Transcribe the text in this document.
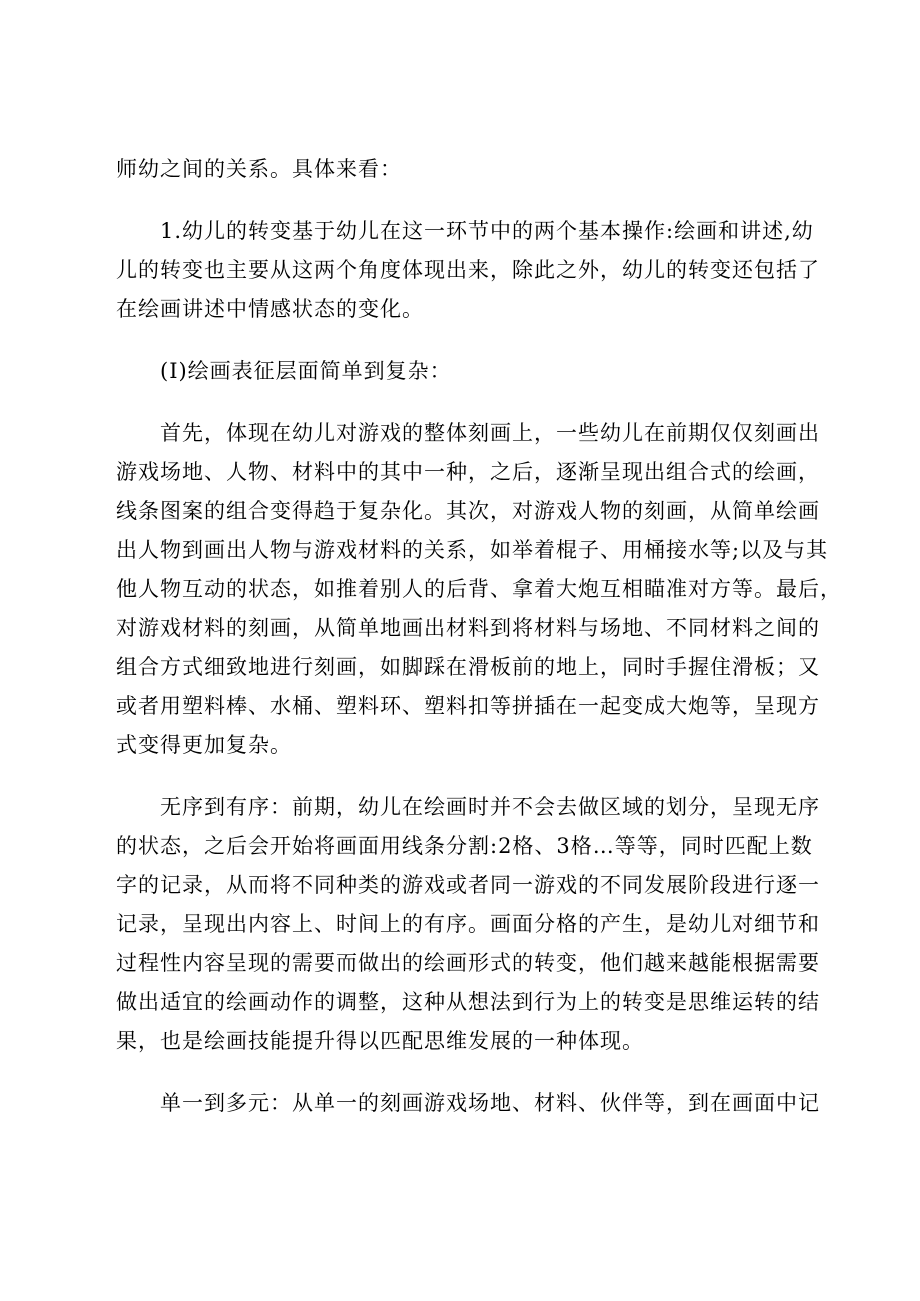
师幼之间的关系。具体来看：

　　1.幼儿的转变基于幼儿在这一环节中的两个基本操作:绘画和讲述,幼
儿的转变也主要从这两个角度体现出来，除此之外，幼儿的转变还包括了
在绘画讲述中情感状态的变化。

　　(I)绘画表征层面简单到复杂：

　　首先，体现在幼儿对游戏的整体刻画上，一些幼儿在前期仅仅刻画出
游戏场地、人物、材料中的其中一种，之后，逐渐呈现出组合式的绘画，
线条图案的组合变得趋于复杂化。其次，对游戏人物的刻画，从简单绘画
出人物到画出人物与游戏材料的关系，如举着棍子、用桶接水等;以及与其
他人物互动的状态，如推着别人的后背、拿着大炮互相瞄准对方等。最后，
对游戏材料的刻画，从简单地画出材料到将材料与场地、不同材料之间的
组合方式细致地进行刻画，如脚踩在滑板前的地上，同时手握住滑板；又
或者用塑料棒、水桶、塑料环、塑料扣等拼插在一起变成大炮等，呈现方
式变得更加复杂。

　　无序到有序：前期，幼儿在绘画时并不会去做区域的划分，呈现无序
的状态，之后会开始将画面用线条分割:2格、3格…等等，同时匹配上数
字的记录，从而将不同种类的游戏或者同一游戏的不同发展阶段进行逐一
记录，呈现出内容上、时间上的有序。画面分格的产生，是幼儿对细节和
过程性内容呈现的需要而做出的绘画形式的转变，他们越来越能根据需要
做出适宜的绘画动作的调整，这种从想法到行为上的转变是思维运转的结
果，也是绘画技能提升得以匹配思维发展的一种体现。

　　单一到多元：从单一的刻画游戏场地、材料、伙伴等，到在画面中记
